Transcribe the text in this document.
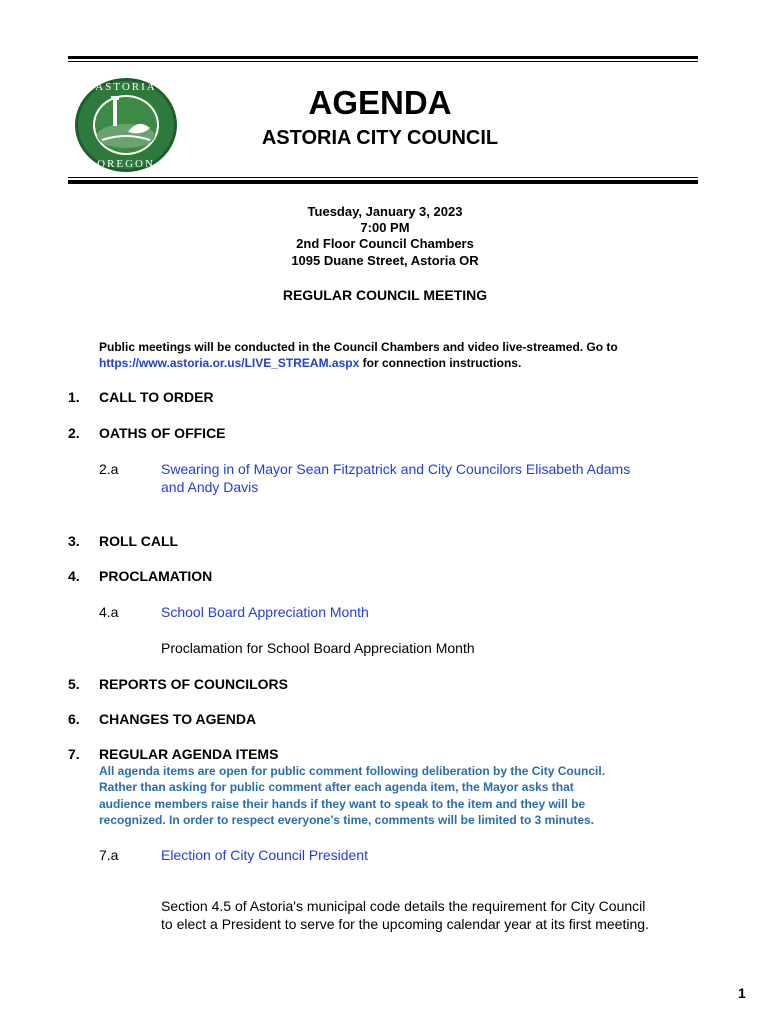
ASTORIA
OREGON
AGENDA
ASTORIA CITY COUNCIL
Tuesday, January 3, 2023
7:00 PM
2nd Floor Council Chambers
1095 Duane Street, Astoria OR
REGULAR COUNCIL MEETING
Public meetings will be conducted in the Council Chambers and video live-streamed. Go to
https://www.astoria.or.us/LIVE_STREAM.aspx for connection instructions.
1. CALL TO ORDER
2. OATHS OF OFFICE
2.a	Swearing in of Mayor Sean Fitzpatrick and City Councilors Elisabeth Adams
and Andy Davis
3. ROLL CALL
4. PROCLAMATION
4.a	School Board Appreciation Month
Proclamation for School Board Appreciation Month
5. REPORTS OF COUNCILORS
6. CHANGES TO AGENDA
7. REGULAR AGENDA ITEMS
All agenda items are open for public comment following deliberation by the City Council.
Rather than asking for public comment after each agenda item, the Mayor asks that
audience members raise their hands if they want to speak to the item and they will be
recognized. In order to respect everyone’s time, comments will be limited to 3 minutes.
7.a	Election of City Council President
Section 4.5 of Astoria's municipal code details the requirement for City Council
to elect a President to serve for the upcoming calendar year at its first meeting.
1
